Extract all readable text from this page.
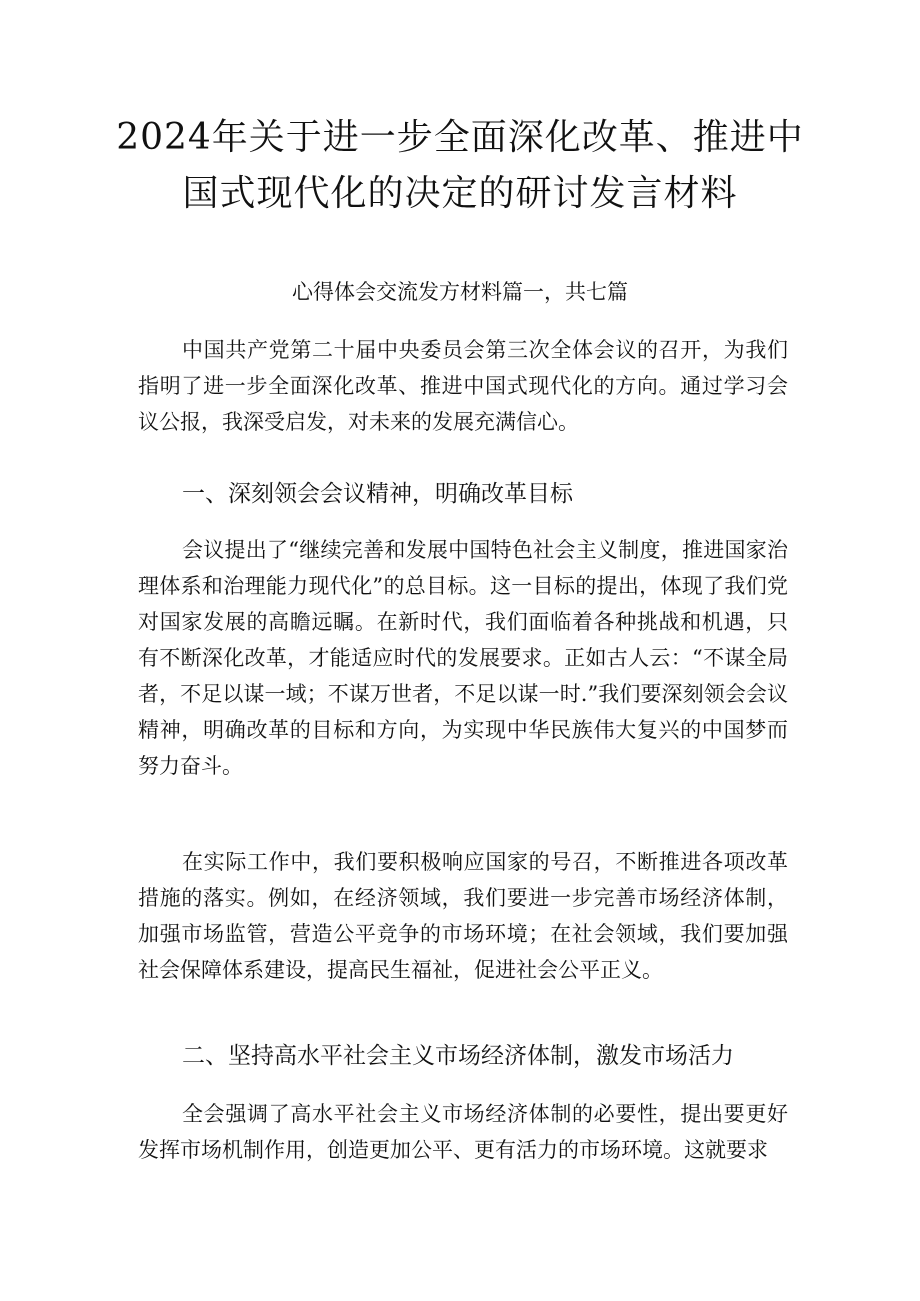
2024年关于进一步全面深化改革、推进中
国式现代化的决定的研讨发言材料
心得体会交流发方材料篇一，共七篇

中国共产党第二十届中央委员会第三次全体会议的召开，为我们指明了进一步全面深化改革、推进中国式现代化的方向。通过学习会议公报，我深受启发，对未来的发展充满信心。

一、深刻领会会议精神，明确改革目标

会议提出了“继续完善和发展中国特色社会主义制度，推进国家治理体系和治理能力现代化”的总目标。这一目标的提出，体现了我们党对国家发展的高瞻远瞩。在新时代，我们面临着各种挑战和机遇，只有不断深化改革，才能适应时代的发展要求。正如古人云：“不谋全局者，不足以谋一域；不谋万世者，不足以谋一时.”我们要深刻领会会议精神，明确改革的目标和方向，为实现中华民族伟大复兴的中国梦而努力奋斗。

在实际工作中，我们要积极响应国家的号召，不断推进各项改革措施的落实。例如，在经济领域，我们要进一步完善市场经济体制，加强市场监管，营造公平竞争的市场环境；在社会领域，我们要加强社会保障体系建设，提高民生福祉，促进社会公平正义。

二、坚持高水平社会主义市场经济体制，激发市场活力

全会强调了高水平社会主义市场经济体制的必要性，提出要更好发挥市场机制作用，创造更加公平、更有活力的市场环境。这就要求
